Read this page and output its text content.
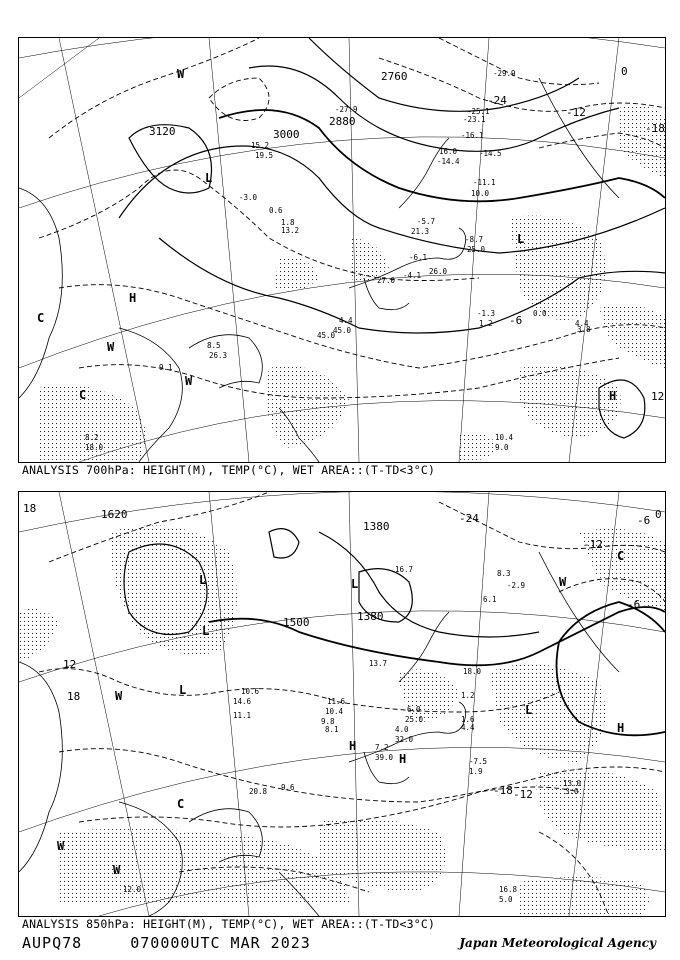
3120	3000
2880
2760
-24
-12
-18
-6
0
12
H
L
H
W
W
C
W
C
L
-3.0
0.6
1.8
15.2
19.5
-6.1
26.0
4.4
45.0
8.5
26.3
10.4
9.0
-1.3
13.2
-5.7
21.3
27.0
16.0
-25.1
-14.5
-23.1
-29.9
10.0
-11.1
9.1
8.2
18.0
-8.7
25.0
-4.1
1.2	4.4
3.8
45.0
-27.9
-14.4
-16.1
0.0
ANALYSIS 700hPa: HEIGHT(M), TEMP(°C), WET AREA::(T-TD<3°C)
1620
1500
1380
1380
-12
-6
-24
18	0
12
18
-18 -12
-6
L
L
L
L
H
H
H
W
W
W
W
C
C
L
11.6
10.4
9.8
8.1
7.2
39.0
6.0
25.0
4.0
32.0
1.6
4.4
1.2
18.0
16.8
5.0
13.0
3.0
-7.5
1.9
12.0
20.8
14.6
11.1
10.6
9.6
13.7
-2.9
8.3
6.1
16.7
ANALYSIS 850hPa: HEIGHT(M), TEMP(°C), WET AREA::(T-TD<3°C)
AUPQ78	070000UTC MAR 2023	Japan Meteorological Agency
